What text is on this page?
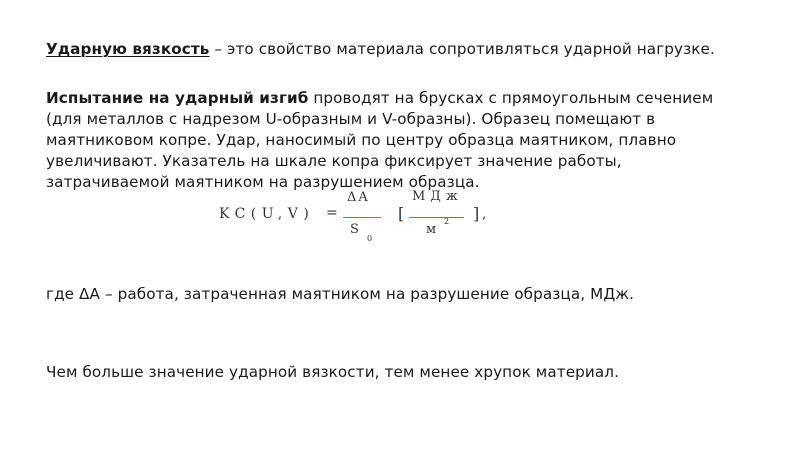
Ударную вязкость – это свойство материала сопротивляться ударной нагрузке.
Испытание на ударный изгиб проводят на брусках с прямоугольным сечением (для металлов с надрезом U-образным и V-образны). Образец помещают в маятниковом копре. Удар, наносимый по центру образца маятником, плавно увеличивают. Указатель на шкале копра фиксирует значение работы, затрачиваемой маятником на разрушением образца.
KC(U,V) =
ΔA
S
0
[
МДж
м
2 ] ,
где ΔА – работа, затраченная маятником на разрушение образца, МДж.
Чем больше значение ударной вязкости, тем менее хрупок материал.
